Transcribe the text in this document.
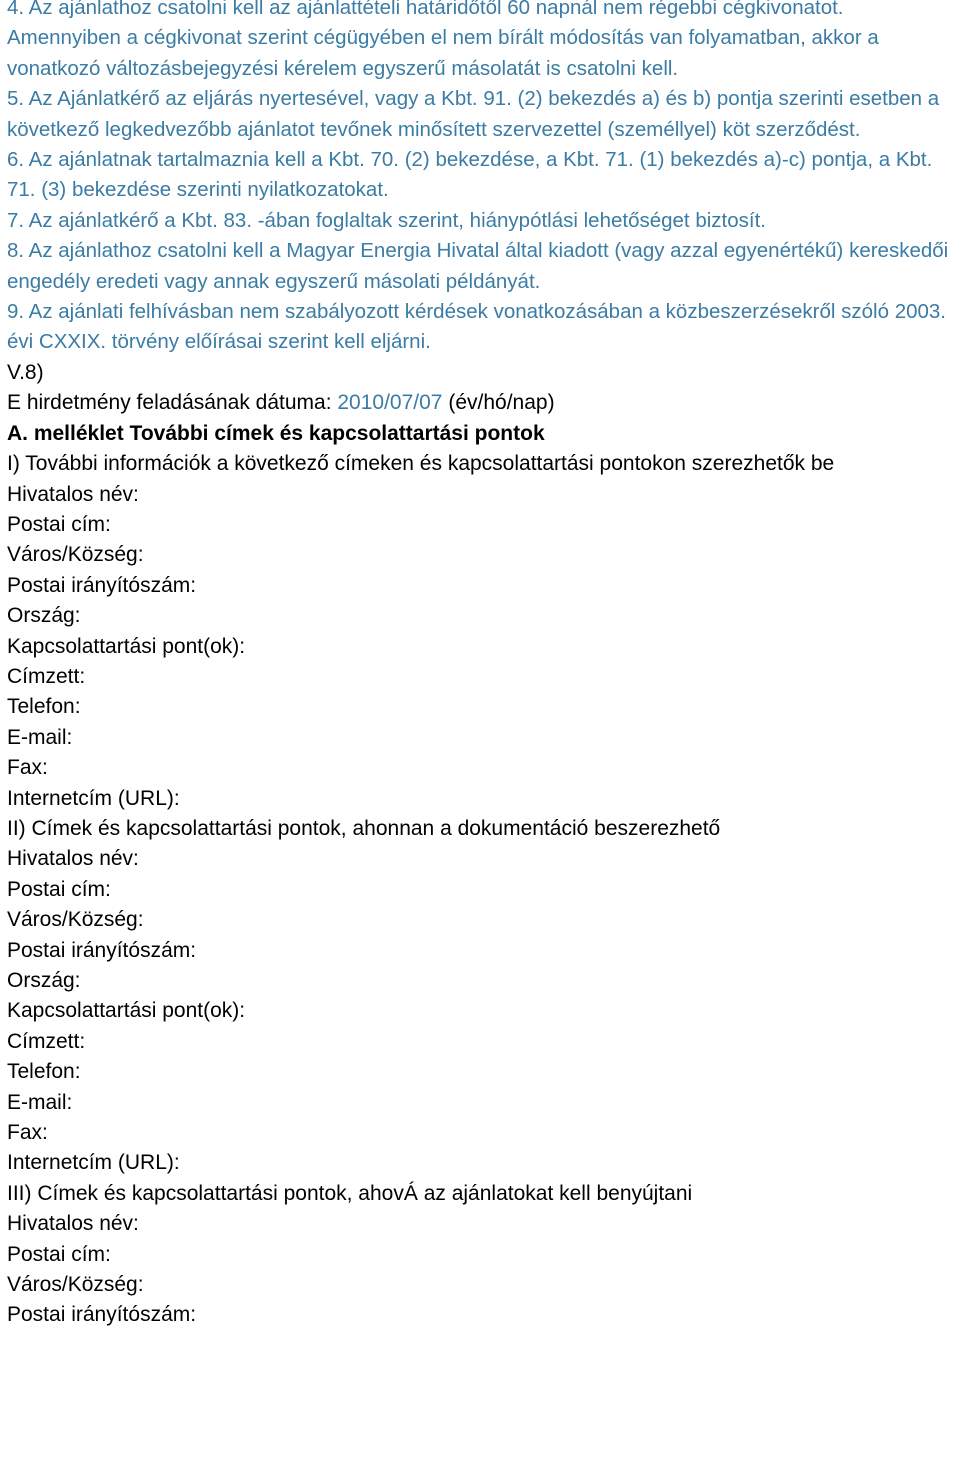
4. Az ajánlathoz csatolni kell az ajánlattételi határidőtől 60 napnál nem régebbi cégkivonatot. Amennyiben a cégkivonat szerint cégügyében el nem bírált módosítás van folyamatban, akkor a vonatkozó változásbejegyzési kérelem egyszerű másolatát is csatolni kell.

5. Az Ajánlatkérő az eljárás nyertesével, vagy a Kbt. 91. (2) bekezdés a) és b) pontja szerinti esetben a következő legkedvezőbb ajánlatot tevőnek minősített szervezettel (személlyel) köt szerződést.

6. Az ajánlatnak tartalmaznia kell a Kbt. 70. (2) bekezdése, a Kbt. 71. (1) bekezdés a)-c) pontja, a Kbt. 71. (3) bekezdése szerinti nyilatkozatokat.

7. Az ajánlatkérő a Kbt. 83. -ában foglaltak szerint, hiánypótlási lehetőséget biztosít.

8. Az ajánlathoz csatolni kell a Magyar Energia Hivatal által kiadott (vagy azzal egyenértékű) kereskedői engedély eredeti vagy annak egyszerű másolati példányát.

9. Az ajánlati felhívásban nem szabályozott kérdések vonatkozásában a közbeszerzésekről szóló 2003. évi CXXIX. törvény előírásai szerint kell eljárni.

V.8)

E hirdetmény feladásának dátuma: 2010/07/07 (év/hó/nap)

A. melléklet További címek és kapcsolattartási pontok

I) További információk a következő címeken és kapcsolattartási pontokon szerezhetők be

Hivatalos név:
Postai cím:
Város/Község:
Postai irányítószám:
Ország:
Kapcsolattartási pont(ok):
Címzett:
Telefon:
E-mail:
Fax:
Internetcím (URL):

II) Címek és kapcsolattartási pontok, ahonnan a dokumentáció beszerezhető

Hivatalos név:
Postai cím:
Város/Község:
Postai irányítószám:
Ország:
Kapcsolattartási pont(ok):
Címzett:
Telefon:
E-mail:
Fax:
Internetcím (URL):

III) Címek és kapcsolattartási pontok, ahovÁ az ajánlatokat kell benyújtani

Hivatalos név:
Postai cím:
Város/Község:
Postai irányítószám:
